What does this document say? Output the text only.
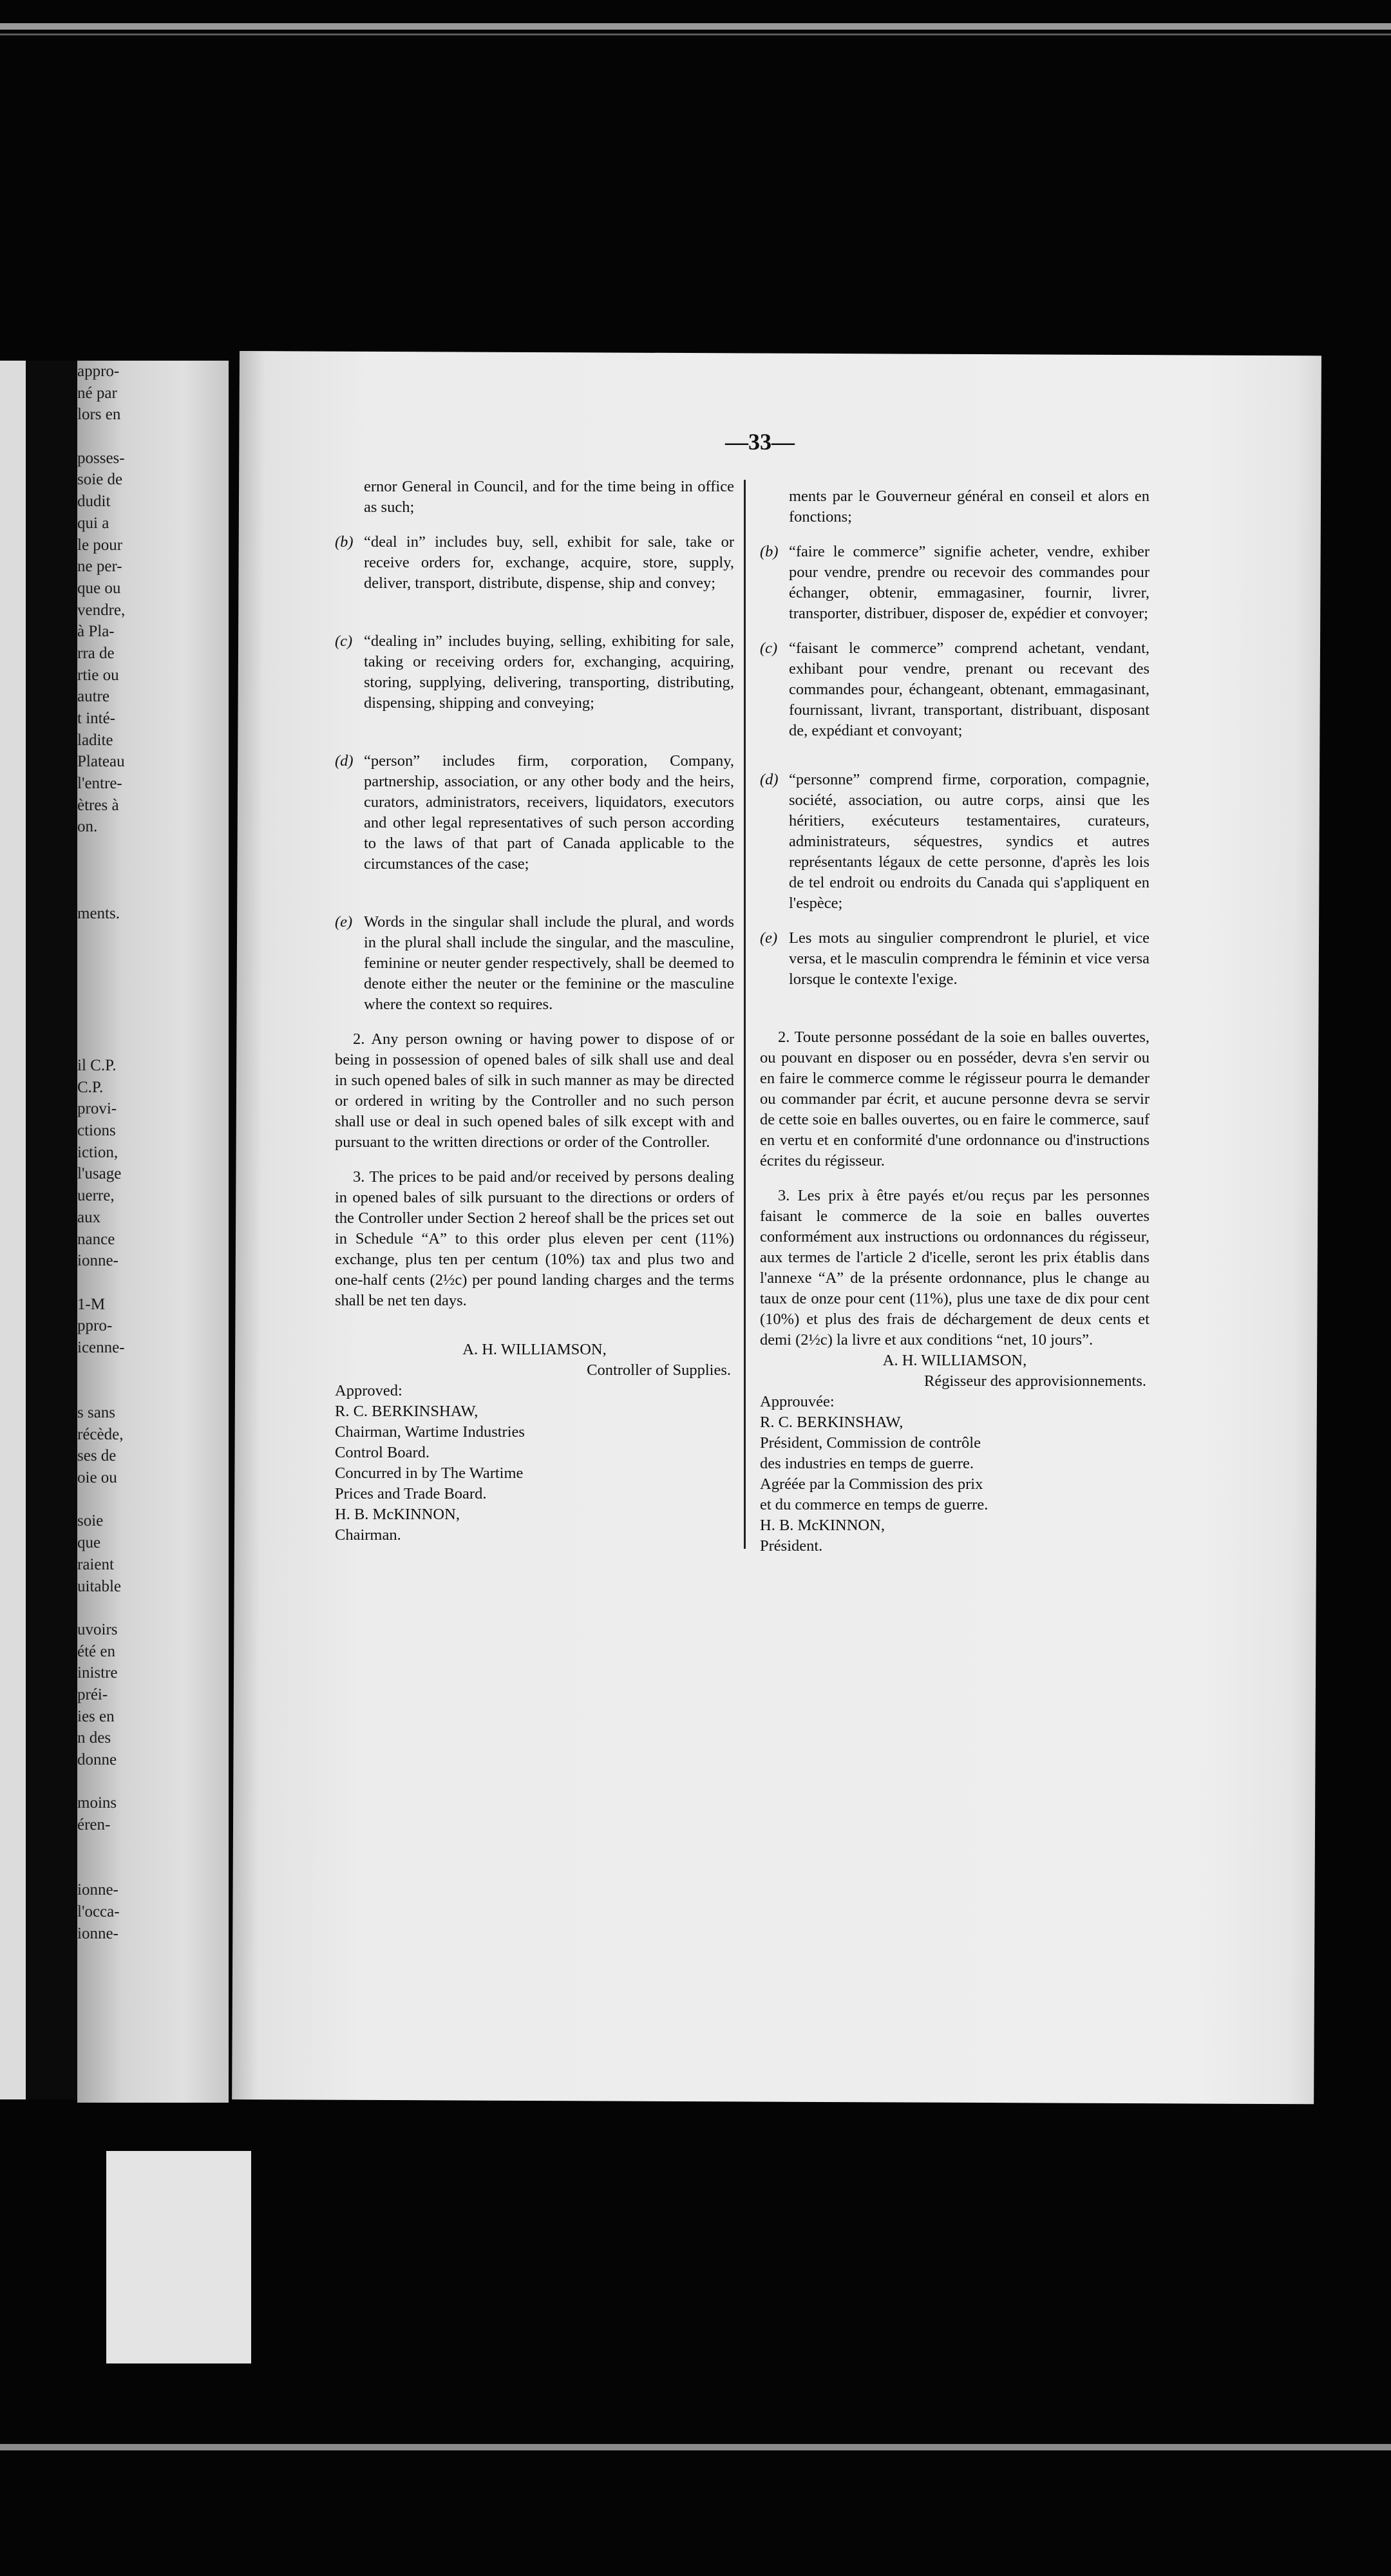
appro-
né par
lors en
posses-
soie de
dudit
qui a
le pour
ne per-
que ou
vendre,
à Pla-
rra de
rtie ou
autre
t inté-
ladite
Plateau
l'entre-
ètres à
on.
ments.
il C.P.
C.P.
provi-
ctions
iction,
l'usage
uerre,
aux
nance
ionne-
1-M
ppro-
icenne-
s sans
récède,
ses de
oie ou
soie
que
raient
uitable
uvoirs
été en
inistre
préi-
ies en
n des
donne
moins
éren-
ionne-
l'occa-
ionne-
—33—
ernor General in Council, and for the time being in office as such;
(b) “deal in” includes buy, sell, exhibit for sale, take or receive orders for, exchange, acquire, store, supply, deliver, transport, distribute, dispense, ship and convey;
(c) “dealing in” includes buying, selling, exhibiting for sale, taking or receiving orders for, exchanging, acquiring, storing, supplying, delivering, transporting, distributing, dispensing, shipping and conveying;
(d) “person” includes firm, corporation, Company, partnership, association, or any other body and the heirs, curators, administrators, receivers, liquidators, executors and other legal representatives of such person according to the laws of that part of Canada applicable to the circumstances of the case;
(e) Words in the singular shall include the plural, and words in the plural shall include the singular, and the masculine, feminine or neuter gender respectively, shall be deemed to denote either the neuter or the feminine or the masculine where the context so requires.
2. Any person owning or having power to dispose of or being in possession of opened bales of silk shall use and deal in such opened bales of silk in such manner as may be directed or ordered in writing by the Controller and no such person shall use or deal in such opened bales of silk except with and pursuant to the written directions or order of the Controller.
3. The prices to be paid and/or received by persons dealing in opened bales of silk pursuant to the directions or orders of the Controller under Section 2 hereof shall be the prices set out in Schedule “A” to this order plus eleven per cent (11%) exchange, plus ten per centum (10%) tax and plus two and one-half cents (2½c) per pound landing charges and the terms shall be net ten days.
A. H. WILLIAMSON,
Controller of Supplies.
Approved:
R. C. BERKINSHAW,
Chairman, Wartime Industries
Control Board.
Concurred in by The Wartime
Prices and Trade Board.
H. B. McKINNON,
Chairman.
ments par le Gouverneur général en conseil et alors en fonctions;
(b) “faire le commerce” signifie acheter, vendre, exhiber pour vendre, prendre ou recevoir des commandes pour échanger, obtenir, emmagasiner, fournir, livrer, transporter, distribuer, disposer de, expédier et convoyer;
(c) “faisant le commerce” comprend achetant, vendant, exhibant pour vendre, prenant ou recevant des commandes pour, échangeant, obtenant, emmagasinant, fournissant, livrant, transportant, distribuant, disposant de, expédiant et convoyant;
(d) “personne” comprend firme, corporation, compagnie, société, association, ou autre corps, ainsi que les héritiers, exécuteurs testamentaires, curateurs, administrateurs, séquestres, syndics et autres représentants légaux de cette personne, d'après les lois de tel endroit ou endroits du Canada qui s'appliquent en l'espèce;
(e) Les mots au singulier comprendront le pluriel, et vice versa, et le masculin comprendra le féminin et vice versa lorsque le contexte l'exige.
2. Toute personne possédant de la soie en balles ouvertes, ou pouvant en disposer ou en posséder, devra s'en servir ou en faire le commerce comme le régisseur pourra le demander ou commander par écrit, et aucune personne devra se servir de cette soie en balles ouvertes, ou en faire le commerce, sauf en vertu et en conformité d'une ordonnance ou d'instructions écrites du régisseur.
3. Les prix à être payés et/ou reçus par les personnes faisant le commerce de la soie en balles ouvertes conformément aux instructions ou ordonnances du régisseur, aux termes de l'article 2 d'icelle, seront les prix établis dans l'annexe “A” de la présente ordonnance, plus le change au taux de onze pour cent (11%), plus une taxe de dix pour cent (10%) et plus des frais de déchargement de deux cents et demi (2½c) la livre et aux conditions “net, 10 jours”.
A. H. WILLIAMSON,
Régisseur des approvisionnements.
Approuvée:
R. C. BERKINSHAW,
Président, Commission de contrôle
des industries en temps de guerre.
Agréée par la Commission des prix
et du commerce en temps de guerre.
H. B. McKINNON,
Président.
